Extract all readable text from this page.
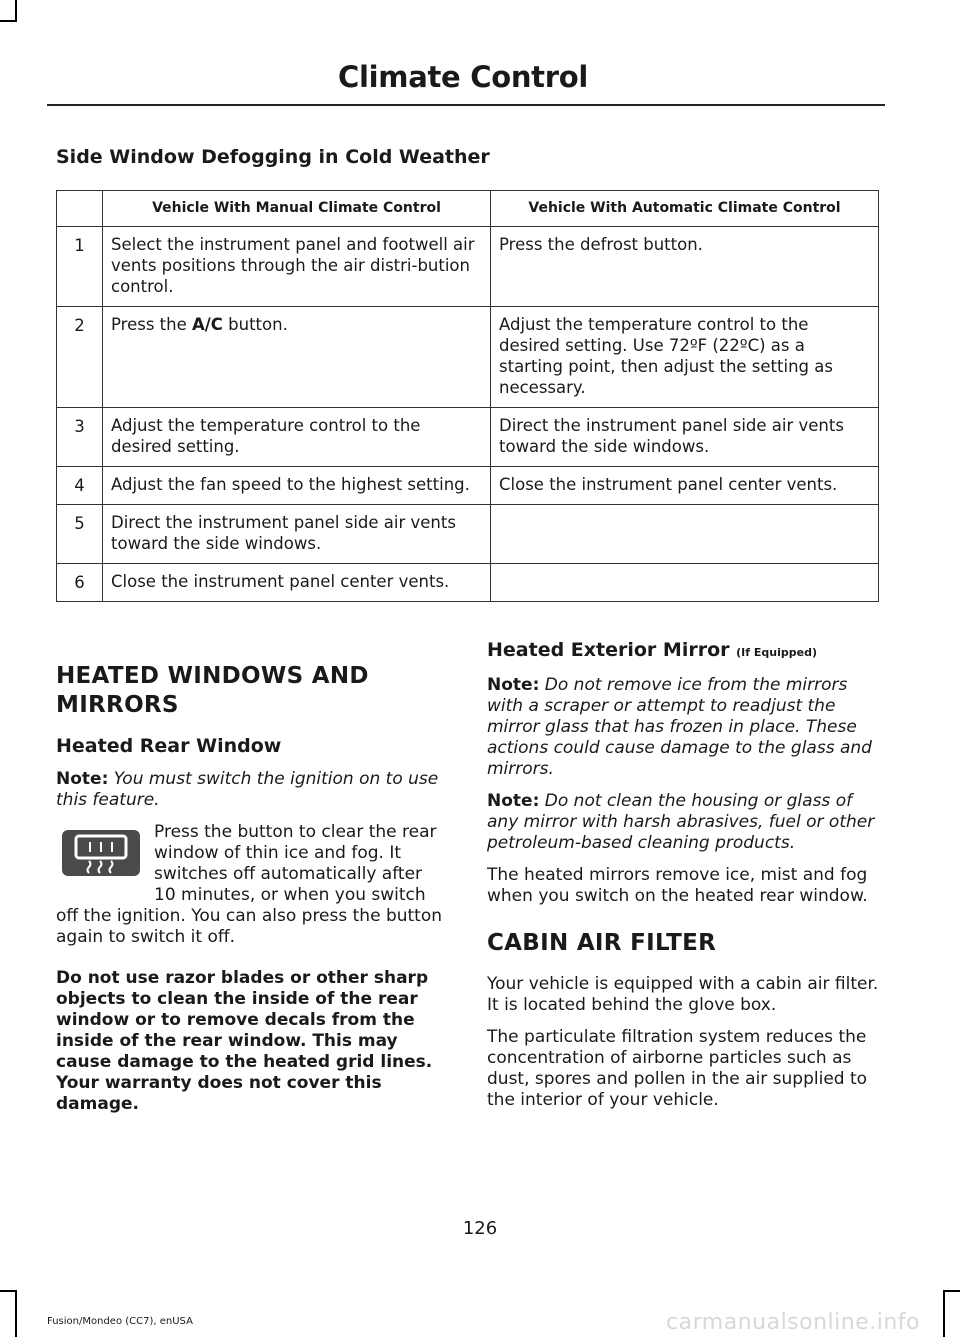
Climate Control
Side Window Defogging in Cold Weather
	Vehicle With Manual Climate Control	Vehicle With Automatic Climate Control
1	Select the instrument panel and footwell air vents positions through the air distri-bution control.	Press the defrost button.
2	Press the A/C button.	Adjust the temperature control to the desired setting. Use 72ºF (22ºC) as a starting point, then adjust the setting as necessary.
3	Adjust the temperature control to the desired setting.	Direct the instrument panel side air vents toward the side windows.
4	Adjust the fan speed to the highest setting.	Close the instrument panel center vents.
5	Direct the instrument panel side air vents toward the side windows.	
6	Close the instrument panel center vents.	
HEATED WINDOWS AND MIRRORS
Heated Rear Window

Note: You must switch the ignition on to use this feature.

Press the button to clear the rear window of thin ice and fog. It switches off automatically after 10 minutes, or when you switch off the ignition. You can also press the button again to switch it off.

Do not use razor blades or other sharp objects to clean the inside of the rear window or to remove decals from the inside of the rear window. This may cause damage to the heated grid lines. Your warranty does not cover this damage.

Heated Exterior Mirror (If Equipped)

Note: Do not remove ice from the mirrors with a scraper or attempt to readjust the mirror glass that has frozen in place. These actions could cause damage to the glass and mirrors.

Note: Do not clean the housing or glass of any mirror with harsh abrasives, fuel or other petroleum-based cleaning products.

The heated mirrors remove ice, mist and fog when you switch on the heated rear window.

CABIN AIR FILTER

Your vehicle is equipped with a cabin air filter. It is located behind the glove box.

The particulate filtration system reduces the concentration of airborne particles such as dust, spores and pollen in the air supplied to the interior of your vehicle.

126
Fusion/Mondeo (CC7), enUSA	carmanualsonline.info
